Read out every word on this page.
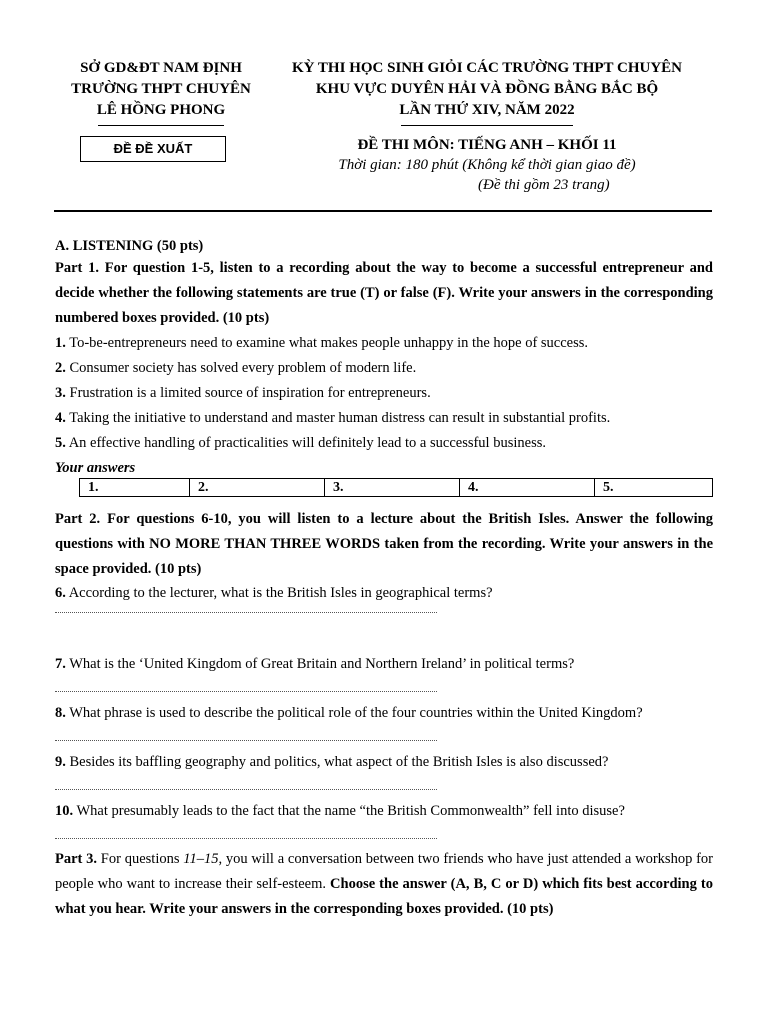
SỞ GD&ĐT NAM ĐỊNH
TRƯỜNG THPT CHUYÊN
LÊ HỒNG PHONG
KỲ THI HỌC SINH GIỎI CÁC TRƯỜNG THPT CHUYÊN
KHU VỰC DUYÊN HẢI VÀ ĐỒNG BẰNG BẮC BỘ
LẦN THỨ XIV, NĂM 2022
ĐỀ ĐỀ XUẤT	ĐỀ THI MÔN: TIẾNG ANH – KHỐI 11
Thời gian: 180 phút (Không kể thời gian giao đề)
(Đề thi gồm 23 trang)

A. LISTENING (50 pts)

Part 1. For question 1-5, listen to a recording about the way to become a successful entrepreneur and decide whether the following statements are true (T) or false (F). Write your answers in the corresponding numbered boxes provided. (10 pts)

1. To-be-entrepreneurs need to examine what makes people unhappy in the hope of success.

2. Consumer society has solved every problem of modern life.

3. Frustration is a limited source of inspiration for entrepreneurs.

4. Taking the initiative to understand and master human distress can result in substantial profits.

5. An effective handling of practicalities will definitely lead to a successful business.

Your answers

1.	2.	3.	4.	5.

Part 2. For questions 6-10, you will listen to a lecture about the British Isles. Answer the following questions with NO MORE THAN THREE WORDS taken from the recording. Write your answers in the space provided. (10 pts)

6. According to the lecturer, what is the British Isles in geographical terms?

7. What is the ‘United Kingdom of Great Britain and Northern Ireland’ in political terms?

8. What phrase is used to describe the political role of the four countries within the United Kingdom?

9. Besides its baffling geography and politics, what aspect of the British Isles is also discussed?

10. What presumably leads to the fact that the name “the British Commonwealth” fell into disuse?

Part 3. For questions 11–15, you will a conversation between two friends who have just attended a workshop for people who want to increase their self-esteem. Choose the answer (A, B, C or D) which fits best according to what you hear. Write your answers in the corresponding boxes provided. (10 pts)
